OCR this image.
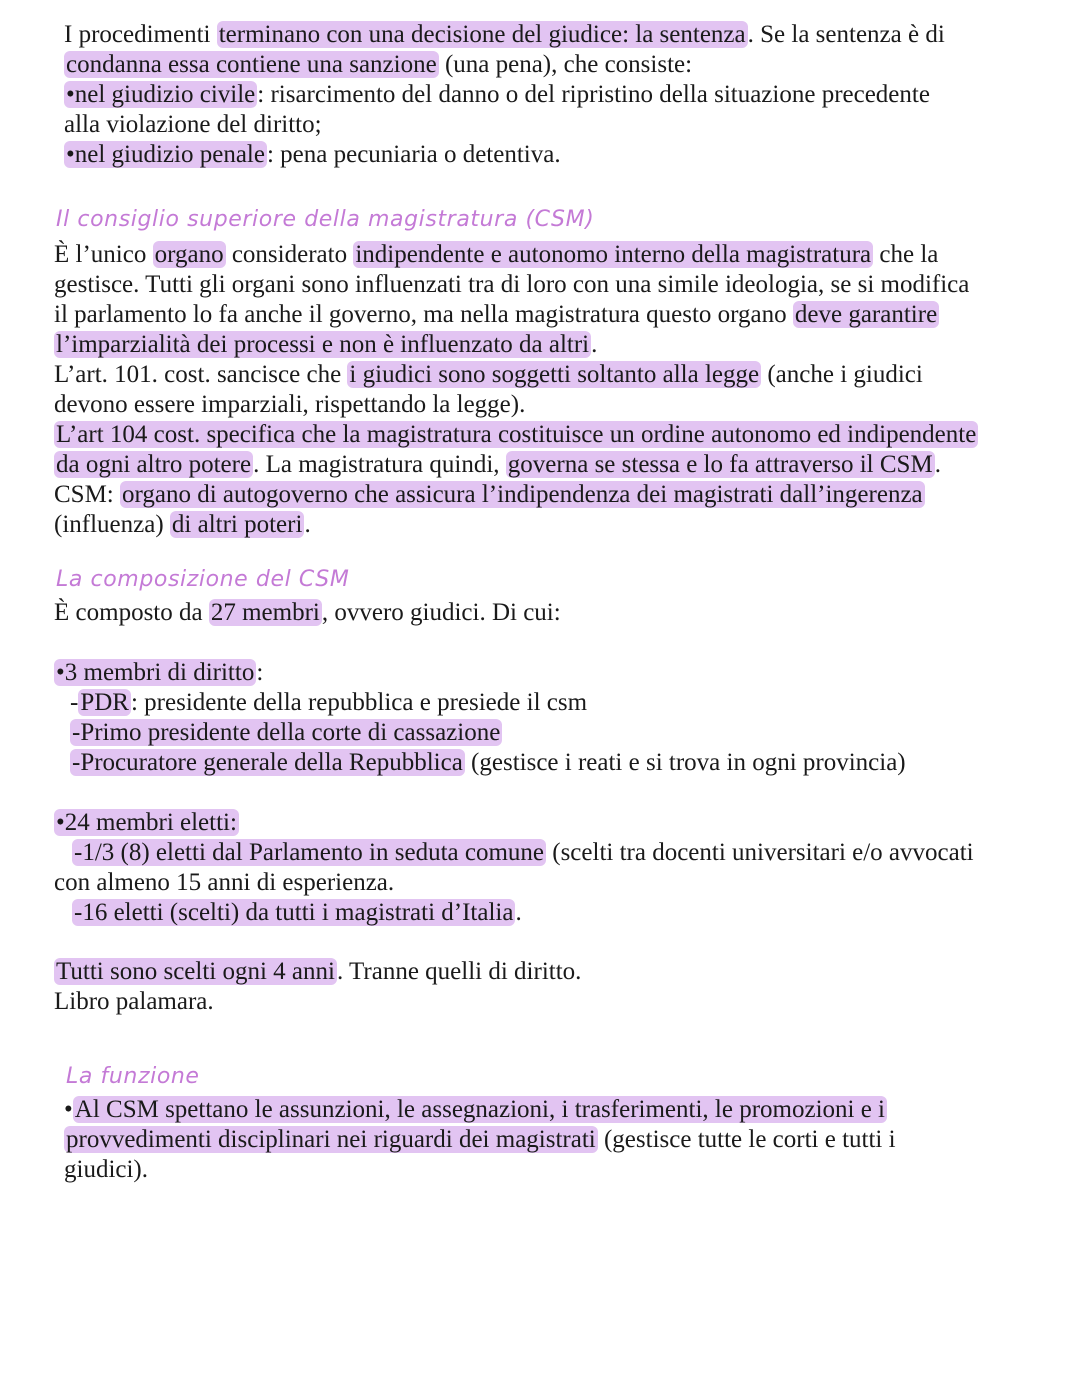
I procedimenti terminano con una decisione del giudice: la sentenza. Se la sentenza è di
condanna essa contiene una sanzione (una pena), che consiste:
•nel giudizio civile: risarcimento del danno o del ripristino della situazione precedente
alla violazione del diritto;
•nel giudizio penale: pena pecuniaria o detentiva.
Il consiglio superiore della magistratura (CSM)
È l’unico organo considerato indipendente e autonomo interno della magistratura che la
gestisce. Tutti gli organi sono influenzati tra di loro con una simile ideologia, se si modifica
il parlamento lo fa anche il governo, ma nella magistratura questo organo deve garantire
l’imparzialità dei processi e non è influenzato da altri.
L’art. 101. cost. sancisce che i giudici sono soggetti soltanto alla legge (anche i giudici
devono essere imparziali, rispettando la legge).
L’art 104 cost. specifica che la magistratura costituisce un ordine autonomo ed indipendente
da ogni altro potere. La magistratura quindi, governa se stessa e lo fa attraverso il CSM.
CSM: organo di autogoverno che assicura l’indipendenza dei magistrati dall’ingerenza
(influenza) di altri poteri.
La composizione del CSM
È composto da 27 membri, ovvero giudici. Di cui:
•3 membri di diritto:
-PDR: presidente della repubblica e presiede il csm
-Primo presidente della corte di cassazione
-Procuratore generale della Repubblica (gestisce i reati e si trova in ogni provincia)
•24 membri eletti:
-1/3 (8) eletti dal Parlamento in seduta comune (scelti tra docenti universitari e/o avvocati
con almeno 15 anni di esperienza.
-16 eletti (scelti) da tutti i magistrati d’Italia.
Tutti sono scelti ogni 4 anni. Tranne quelli di diritto.
Libro palamara.
La funzione
•Al CSM spettano le assunzioni, le assegnazioni, i trasferimenti, le promozioni e i
provvedimenti disciplinari nei riguardi dei magistrati (gestisce tutte le corti e tutti i
giudici).
